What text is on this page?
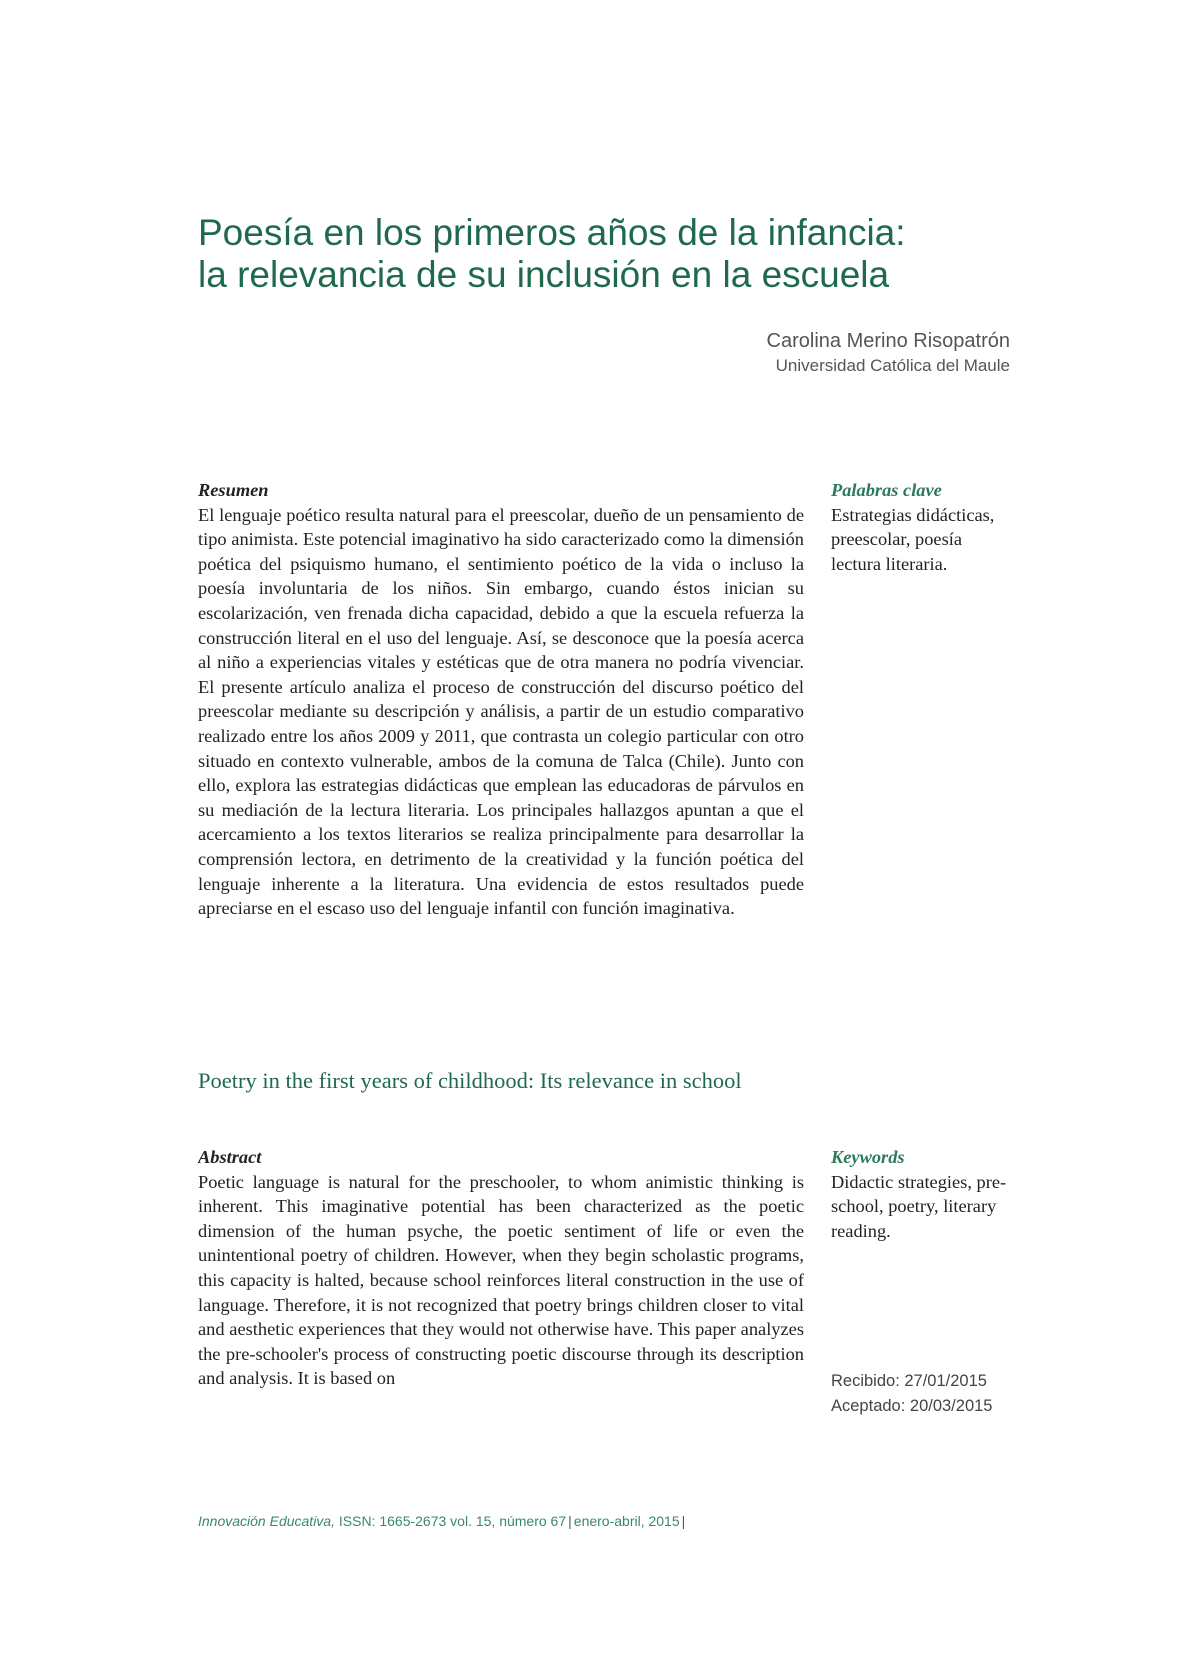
Poesía en los primeros años de la infancia:
la relevancia de su inclusión en la escuela
Carolina Merino Risopatrón
Universidad Católica del Maule
Resumen

El lenguaje poético resulta natural para el preescolar, dueño de un pensamiento de tipo animista. Este potencial imaginativo ha sido caracterizado como la dimensión poética del psiquismo humano, el sentimiento poético de la vida o incluso la poesía involuntaria de los niños. Sin embargo, cuando éstos inician su escolarización, ven frenada dicha capacidad, debido a que la escuela refuerza la construcción literal en el uso del lenguaje. Así, se desconoce que la poesía acerca al niño a experiencias vitales y estéticas que de otra manera no podría vivenciar. El presente artículo analiza el proceso de construcción del discurso poético del preescolar mediante su descripción y análisis, a partir de un estudio comparativo realizado entre los años 2009 y 2011, que contrasta un colegio particular con otro situado en contexto vulnerable, ambos de la comuna de Talca (Chile). Junto con ello, explora las estrategias didácticas que emplean las educadoras de párvulos en su mediación de la lectura literaria. Los principales hallazgos apuntan a que el acercamiento a los textos literarios se realiza principalmente para desarrollar la comprensión lectora, en detrimento de la creatividad y la función poética del lenguaje inherente a la literatura. Una evidencia de estos resultados puede apreciarse en el escaso uso del lenguaje infantil con función imaginativa.

Palabras clave

Estrategias didácticas, preescolar, poesía lectura literaria.

Poetry in the first years of childhood: Its relevance in school
Abstract

Poetic language is natural for the preschooler, to whom animistic thinking is inherent. This imaginative potential has been characterized as the poetic dimension of the human psyche, the poetic sentiment of life or even the unintentional poetry of children. However, when they begin scholastic programs, this capacity is halted, because school reinforces literal construction in the use of language. Therefore, it is not recognized that poetry brings children closer to vital and aesthetic experiences that they would not otherwise have. This paper analyzes the pre-schooler's process of constructing poetic discourse through its description and analysis. It is based on

Keywords

Didactic strategies, pre-school, poetry, literary reading.

Recibido: 27/01/2015
Aceptado: 20/03/2015
Innovación Educativa, ISSN: 1665-2673 vol. 15, número 67 | enero-abril, 2015 |
